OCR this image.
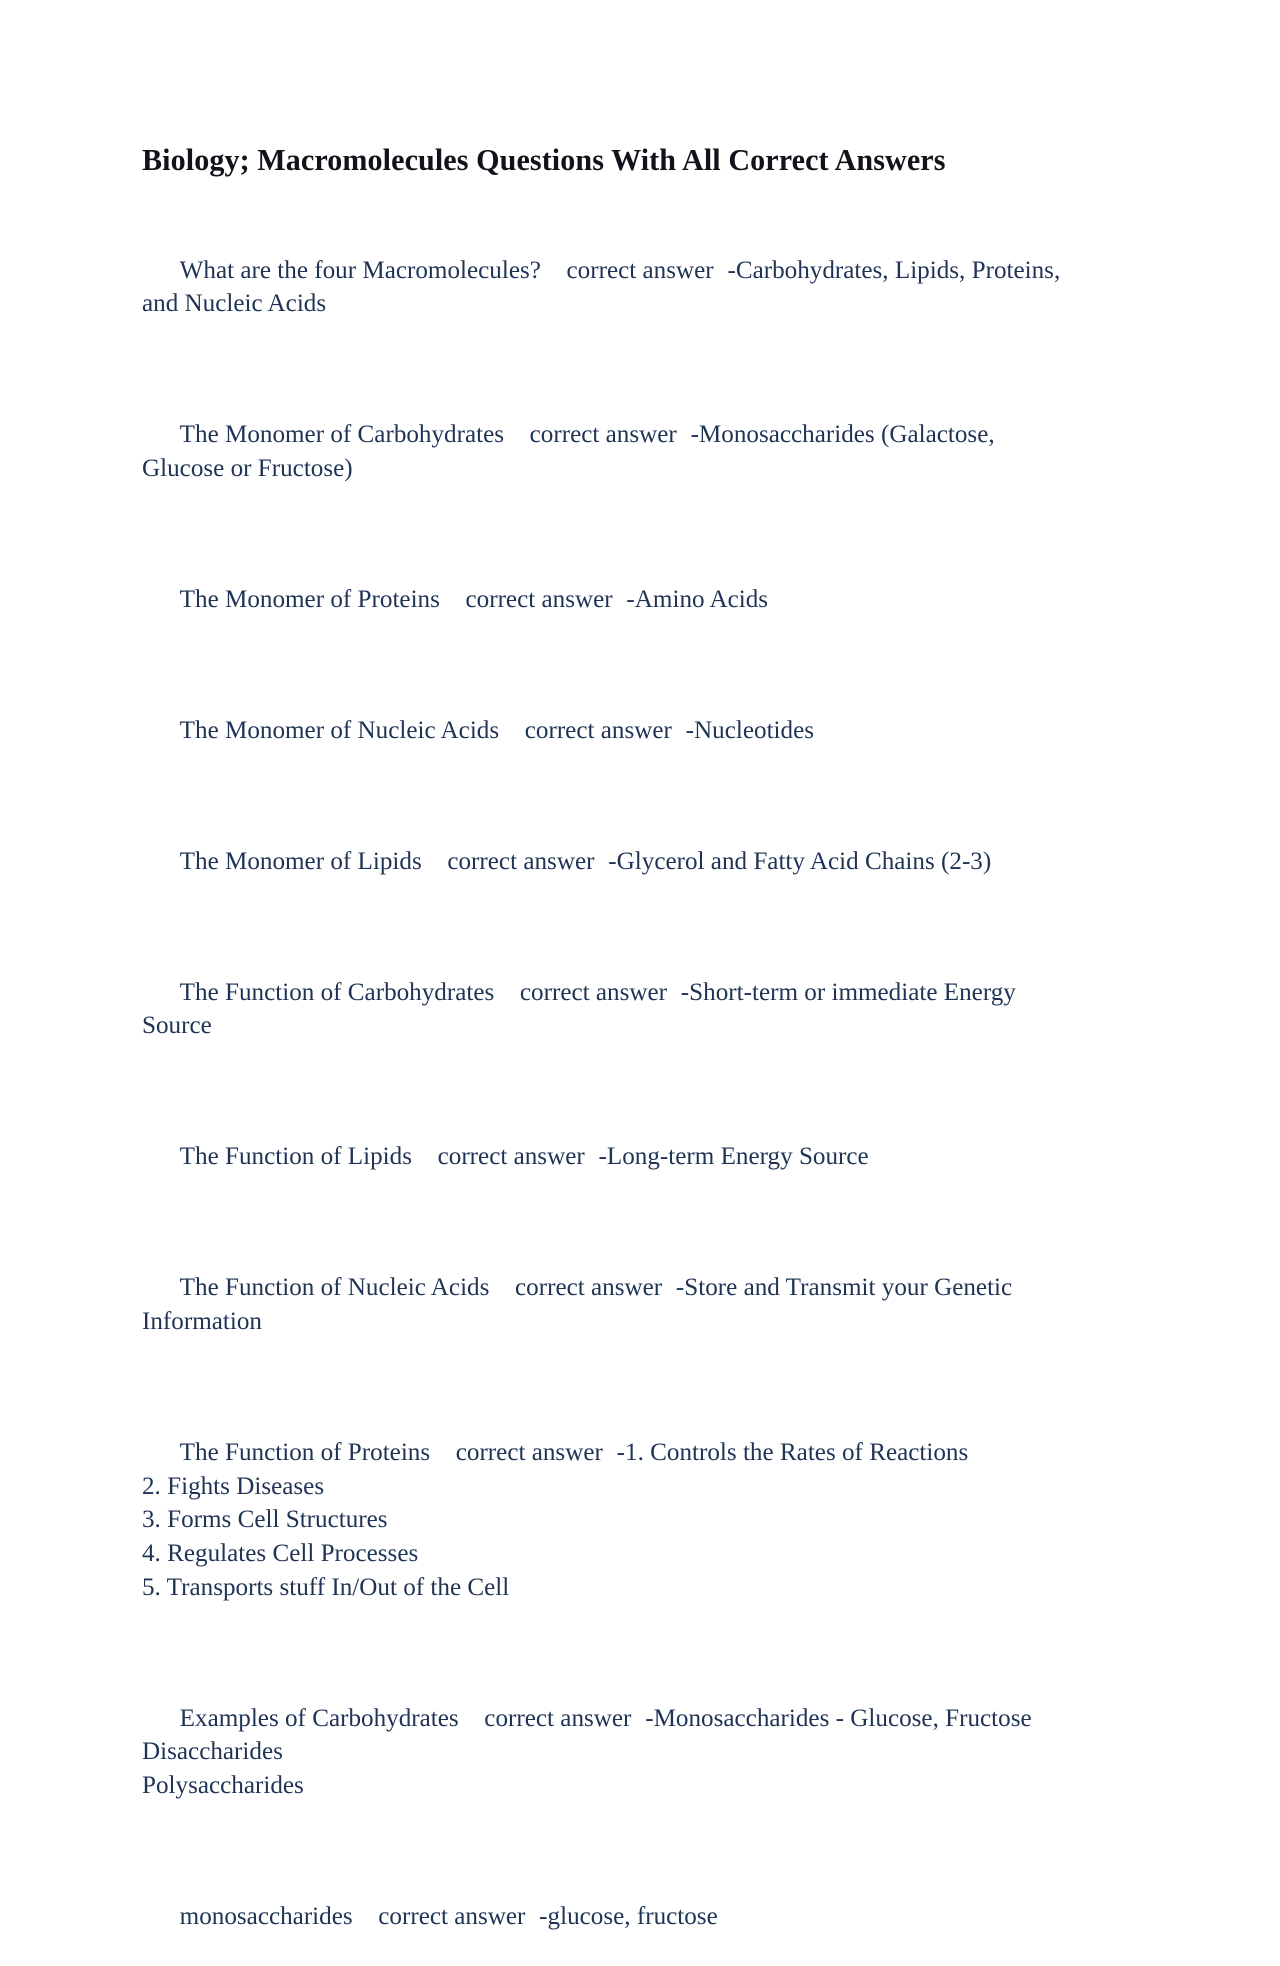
Biology; Macromolecules Questions With All Correct Answers

What are the four Macromolecules? correct answer -Carbohydrates, Lipids, Proteins, and Nucleic Acids

The Monomer of Carbohydrates correct answer -Monosaccharides (Galactose, Glucose or Fructose)

The Monomer of Proteins correct answer -Amino Acids

The Monomer of Nucleic Acids correct answer -Nucleotides

The Monomer of Lipids correct answer -Glycerol and Fatty Acid Chains (2-3)

The Function of Carbohydrates correct answer -Short-term or immediate Energy Source

The Function of Lipids correct answer -Long-term Energy Source

The Function of Nucleic Acids correct answer -Store and Transmit your Genetic Information

The Function of Proteins correct answer -1. Controls the Rates of Reactions
2. Fights Diseases
3. Forms Cell Structures
4. Regulates Cell Processes
5. Transports stuff In/Out of the Cell

Examples of Carbohydrates correct answer -Monosaccharides - Glucose, Fructose
Disaccharides
Polysaccharides

monosaccharides correct answer -glucose, fructose
